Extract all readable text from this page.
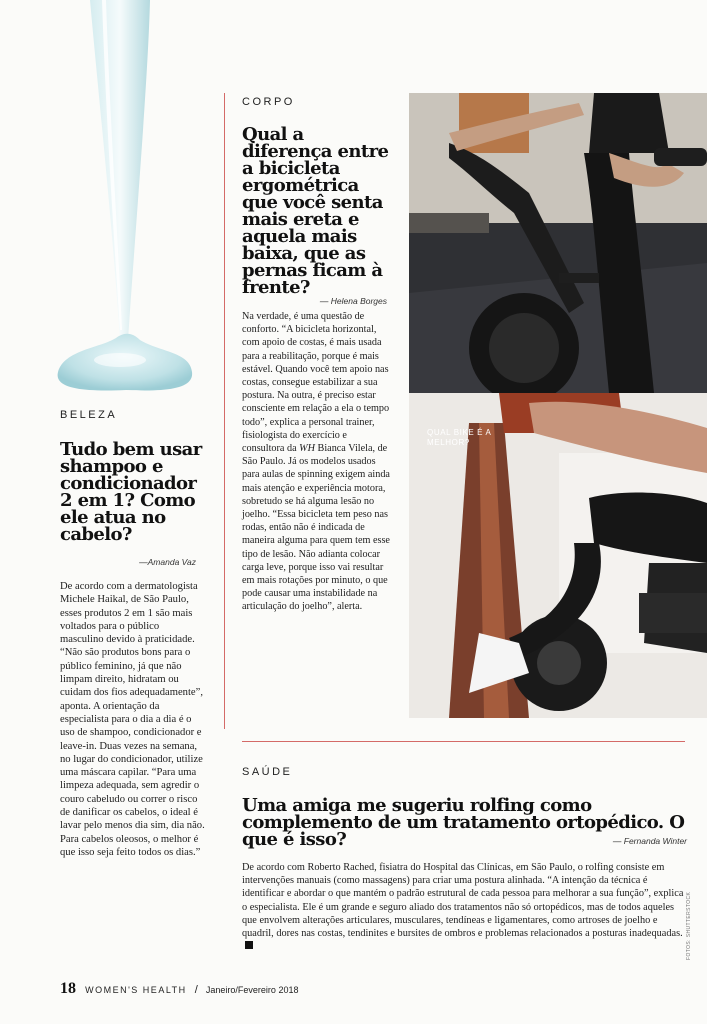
BELEZA
Tudo bem usar shampoo e condicionador 2 em 1? Como ele atua no cabelo?
—Amanda Vaz

De acordo com a dermatologista Michele Haikal, de São Paulo, esses produtos 2 em 1 são mais voltados para o público masculino devido à praticidade. “Não são produtos bons para o público feminino, já que não limpam direito, hidratam ou cuidam dos fios adequadamente”, aponta. A orientação da especialista para o dia a dia é o uso de shampoo, condicionador e leave-in. Duas vezes na semana, no lugar do condicionador, utilize uma máscara capilar. “Para uma limpeza adequada, sem agredir o couro cabeludo ou correr o risco de danificar os cabelos, o ideal é lavar pelo menos dia sim, dia não. Para cabelos oleosos, o melhor é que isso seja feito todos os dias.”

CORPO
Qual a diferença entre a bicicleta ergométrica que você senta mais ereta e aquela mais baixa, que as pernas ficam à frente?
— Helena Borges

Na verdade, é uma questão de conforto. “A bicicleta horizontal, com apoio de costas, é mais usada para a reabilitação, porque é mais estável. Quando você tem apoio nas costas, consegue estabilizar a sua postura. Na outra, é preciso estar consciente em relação a ela o tempo todo”, explica a personal trainer, fisiologista do exercício e consultora da WH Bianca Vilela, de São Paulo. Já os modelos usados para aulas de spinning exigem ainda mais atenção e experiência motora, sobretudo se há alguma lesão no joelho. “Essa bicicleta tem peso nas rodas, então não é indicada de maneira alguma para quem tem esse tipo de lesão. Não adianta colocar carga leve, porque isso vai resultar em mais rotações por minuto, o que pode causar uma instabilidade na articulação do joelho”, alerta.

QUAL BIKE É A MELHOR?
SAÚDE
Uma amiga me sugeriu rolfing como complemento de um tratamento ortopédico. O que é isso?	— Fernanda Winter

De acordo com Roberto Rached, fisiatra do Hospital das Clínicas, em São Paulo, o rolfing consiste em intervenções manuais (como massagens) para criar uma postura alinhada. “A intenção da técnica é identificar e abordar o que mantém o padrão estrutural de cada pessoa para melhorar a sua função”, explica o especialista. Ele é um grande e seguro aliado dos tratamentos não só ortopédicos, mas de todos aqueles que envolvem alterações articulares, musculares, tendíneas e ligamentares, como artroses de joelho e quadril, dores nas costas, tendinites e bursites de ombros e problemas relacionados a posturas inadequadas. FOTOS: SHUTTERSTOCK
18 WOMEN'S HEALTH / Janeiro/Fevereiro 2018
